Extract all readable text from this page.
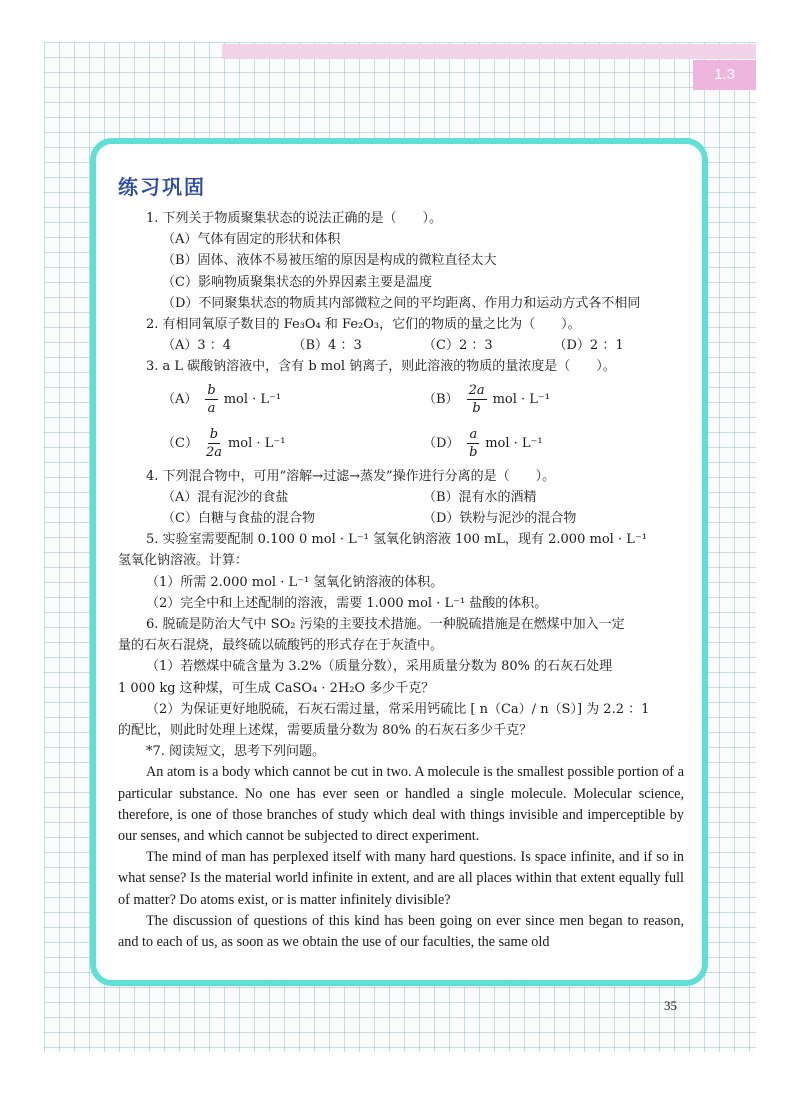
1.3
练习巩固
1. 下列关于物质聚集状态的说法正确的是（　　）。
（A）气体有固定的形状和体积
（B）固体、液体不易被压缩的原因是构成的微粒直径太大
（C）影响物质聚集状态的外界因素主要是温度
（D）不同聚集状态的物质其内部微粒之间的平均距离、作用力和运动方式各不相同
2. 有相同氧原子数目的 Fe₃O₄ 和 Fe₂O₃，它们的物质的量之比为（　　）。
（A）3 ：4	（B）4 ：3	（C）2 ：3	（D）2 ：1
3. a L 碳酸钠溶液中，含有 b mol 钠离子，则此溶液的物质的量浓度是（　　）。
$(A) \frac{b}{a}$ mol · L⁻¹	$(B) \frac{2a}{b}$ mol · L⁻¹
$(C) \frac{b}{2a}$ mol · L⁻¹	$(D) \frac{a}{b}$ mol · L⁻¹
4. 下列混合物中，可用“溶解→过滤→蒸发”操作进行分离的是（　　）。
（A）混有泥沙的食盐	（B）混有水的酒精
（C）白糖与食盐的混合物	（D）铁粉与泥沙的混合物
5. 实验室需要配制 0.100 0 mol · L⁻¹ 氢氧化钠溶液 100 mL，现有 2.000 mol · L⁻¹
氢氧化钠溶液。计算：
（1）所需 2.000 mol · L⁻¹ 氢氧化钠溶液的体积。
（2）完全中和上述配制的溶液，需要 1.000 mol · L⁻¹ 盐酸的体积。
6. 脱硫是防治大气中 SO₂ 污染的主要技术措施。一种脱硫措施是在燃煤中加入一定
量的石灰石混烧，最终硫以硫酸钙的形式存在于灰渣中。
（1）若燃煤中硫含量为 3.2%（质量分数），采用质量分数为 80% 的石灰石处理
1 000 kg 这种煤，可生成 CaSO₄ · 2H₂O 多少千克？
（2）为保证更好地脱硫，石灰石需过量，常采用钙硫比 [ n（Ca）/ n（S）] 为 2.2 ：1
的配比，则此时处理上述煤，需要质量分数为 80% 的石灰石多少千克？
*7. 阅读短文，思考下列问题。
An atom is a body which cannot be cut in two. A molecule is the smallest possible portion of a particular substance. No one has ever seen or handled a single molecule. Molecular science, therefore, is one of those branches of study which deal with things invisible and imperceptible by our senses, and which cannot be subjected to direct experiment.
The mind of man has perplexed itself with many hard questions. Is space infinite, and if so in what sense? Is the material world infinite in extent, and are all places within that extent equally full of matter? Do atoms exist, or is matter infinitely divisible?
The discussion of questions of this kind has been going on ever since men began to reason, and to each of us, as soon as we obtain the use of our faculties, the same old
35
